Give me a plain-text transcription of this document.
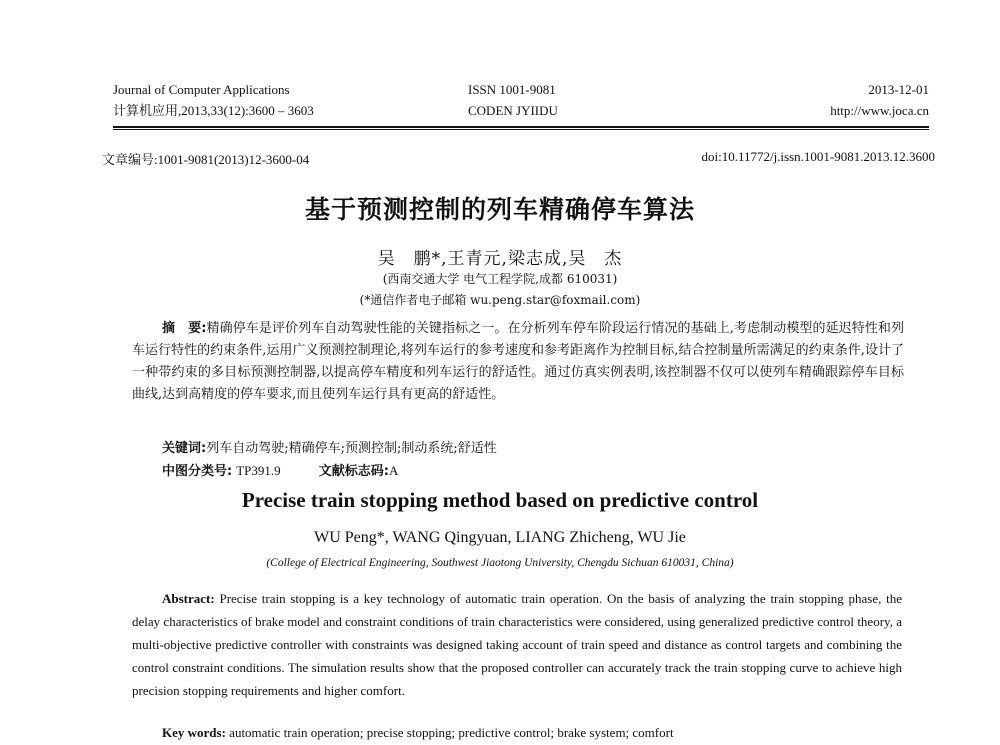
Journal of Computer Applications
计算机应用,2013,33(12):3600 – 3603
ISSN 1001-9081
CODEN JYIIDU
2013-12-01
http://www.joca.cn
文章编号:1001-9081(2013)12-3600-04	doi:10.11772/j.issn.1001-9081.2013.12.3600
基于预测控制的列车精确停车算法
吴　鹏*,王青元,梁志成,吴　杰
(西南交通大学 电气工程学院,成都 610031)
(*通信作者电子邮箱 wu.peng.star@foxmail.com)
摘　要:精确停车是评价列车自动驾驶性能的关键指标之一。在分析列车停车阶段运行情况的基础上,考虑制动模型的延迟特性和列车运行特性的约束条件,运用广义预测控制理论,将列车运行的参考速度和参考距离作为控制目标,结合控制量所需满足的约束条件,设计了一种带约束的多目标预测控制器,以提高停车精度和列车运行的舒适性。通过仿真实例表明,该控制器不仅可以使列车精确跟踪停车目标曲线,达到高精度的停车要求,而且使列车运行具有更高的舒适性。
关键词:列车自动驾驶;精确停车;预测控制;制动系统;舒适性
中图分类号: TP391.9	文献标志码:A
Precise train stopping method based on predictive control
WU Peng*, WANG Qingyuan, LIANG Zhicheng, WU Jie
(College of Electrical Engineering, Southwest Jiaotong University, Chengdu Sichuan 610031, China)
Abstract: Precise train stopping is a key technology of automatic train operation. On the basis of analyzing the train stopping phase, the delay characteristics of brake model and constraint conditions of train characteristics were considered, using generalized predictive control theory, a multi-objective predictive controller with constraints was designed taking account of train speed and distance as control targets and combining the control constraint conditions. The simulation results show that the proposed controller can accurately track the train stopping curve to achieve high precision stopping requirements and higher comfort.
Key words: automatic train operation; precise stopping; predictive control; brake system; comfort
